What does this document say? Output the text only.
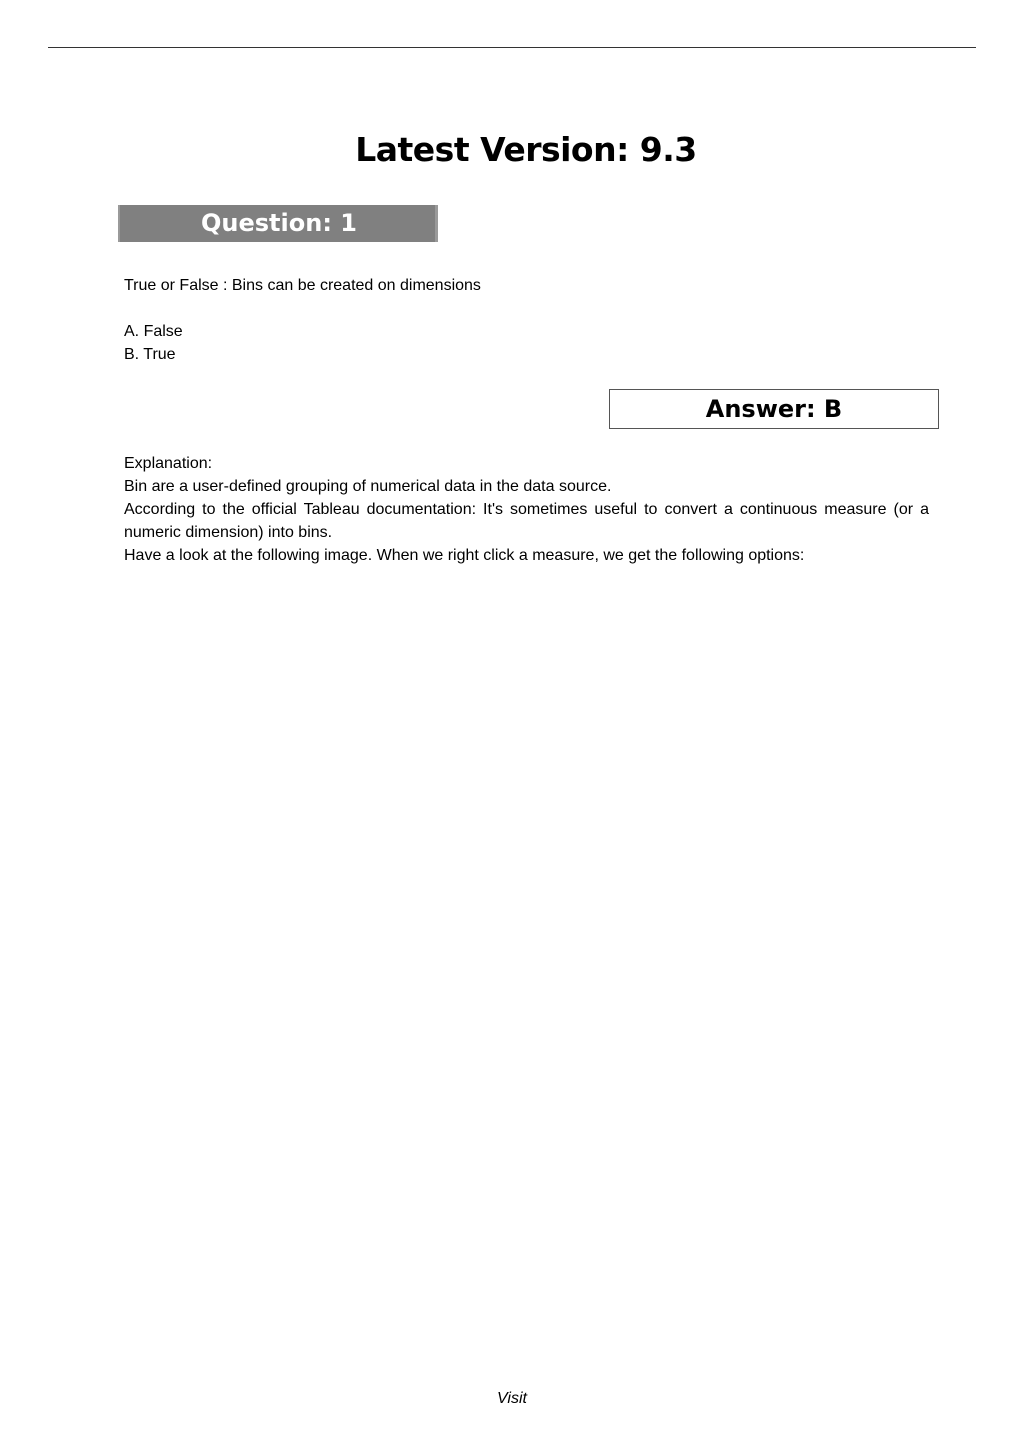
Latest Version: 9.3
Question: 1
True or False : Bins can be created on dimensions
A. False
B. True
Answer: B

Explanation:

Bin are a user-defined grouping of numerical data in the data source.

According to the official Tableau documentation: It's sometimes useful to convert a continuous measure (or a numeric dimension) into bins.

Have a look at the following image. When we right click a measure, we get the following options:

Visit
